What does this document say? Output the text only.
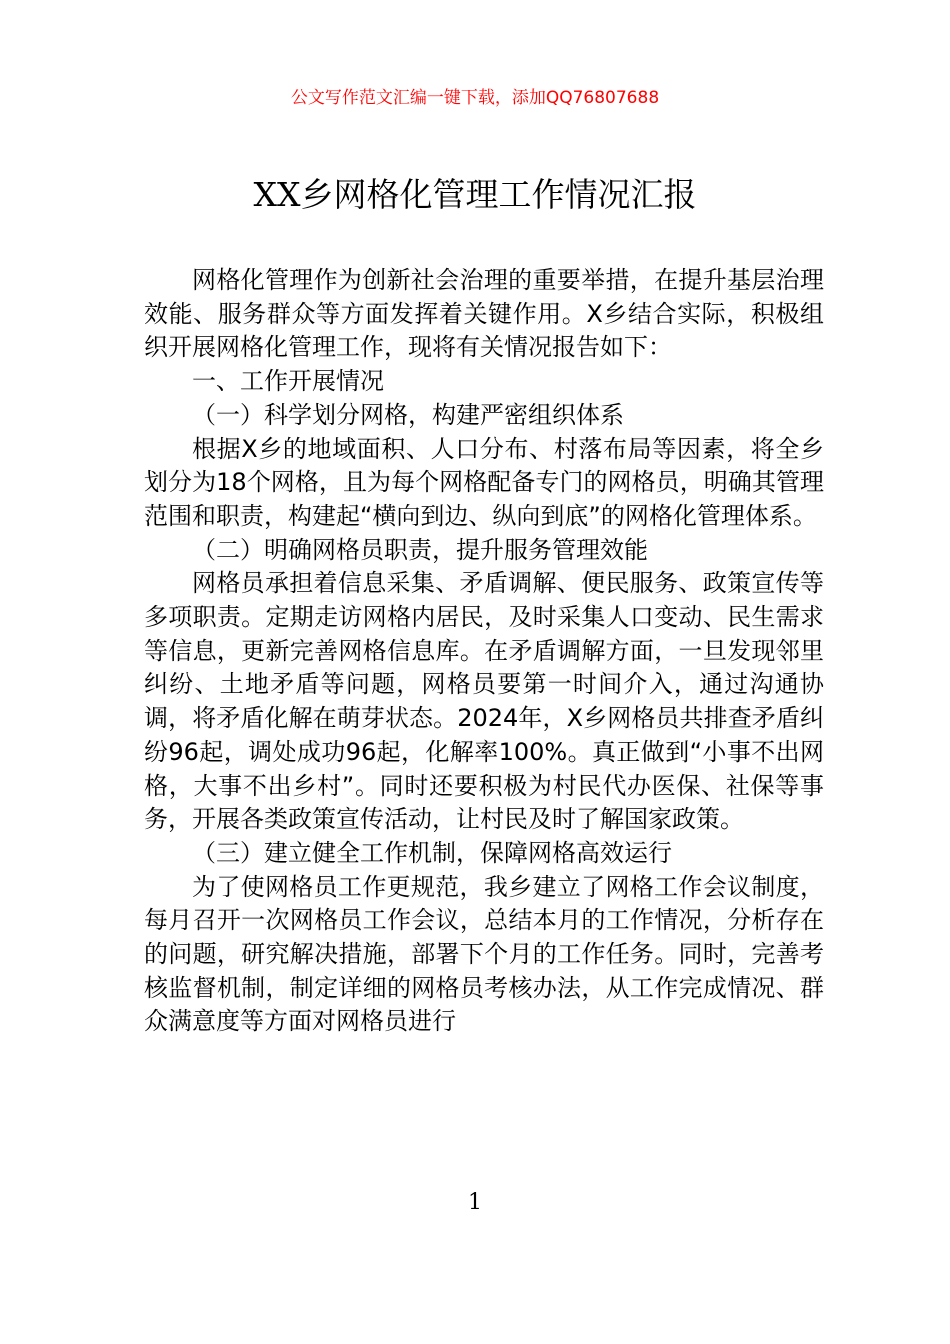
公文写作范文汇编一键下载，添加QQ76807688
XX乡网格化管理工作情况汇报

网格化管理作为创新社会治理的重要举措，在提升基层治理效能、服务群众等方面发挥着关键作用。X乡结合实际，积极组织开展网格化管理工作，现将有关情况报告如下：

一、工作开展情况

（一）科学划分网格，构建严密组织体系

根据X乡的地域面积、人口分布、村落布局等因素，将全乡划分为18个网格，且为每个网格配备专门的网格员，明确其管理范围和职责，构建起“横向到边、纵向到底”的网格化管理体系。

（二）明确网格员职责，提升服务管理效能

网格员承担着信息采集、矛盾调解、便民服务、政策宣传等多项职责。定期走访网格内居民，及时采集人口变动、民生需求等信息，更新完善网格信息库。在矛盾调解方面，一旦发现邻里纠纷、土地矛盾等问题，网格员要第一时间介入，通过沟通协调，将矛盾化解在萌芽状态。2024年，X乡网格员共排查矛盾纠纷96起，调处成功96起，化解率100%。真正做到“小事不出网格，大事不出乡村”。同时还要积极为村民代办医保、社保等事务，开展各类政策宣传活动，让村民及时了解国家政策。

（三）建立健全工作机制，保障网格高效运行

为了使网格员工作更规范，我乡建立了网格工作会议制度，每月召开一次网格员工作会议，总结本月的工作情况，分析存在的问题，研究解决措施，部署下个月的工作任务。同时，完善考核监督机制，制定详细的网格员考核办法，从工作完成情况、群众满意度等方面对网格员进行

1
